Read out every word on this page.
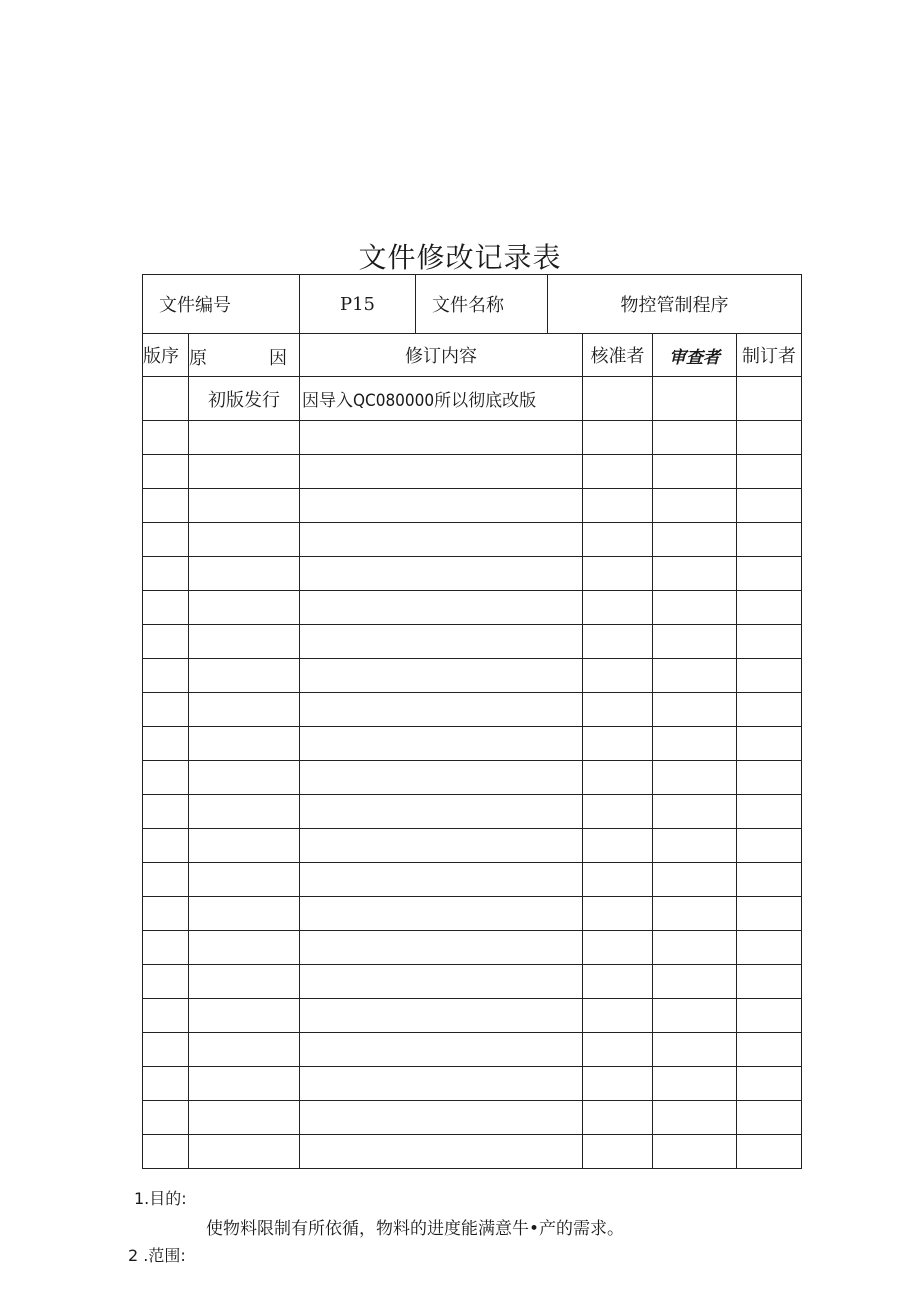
文件修改记录表
文件编号	P15	文件名称	物控管制程序
版序	原 因	修订内容	核准者	审查者	制订者
	初版发行	因导入QC080000所以彻底改版			

1.目的:
使物料限制有所依循，物料的进度能满意牛•产的需求。
2 .范围:
